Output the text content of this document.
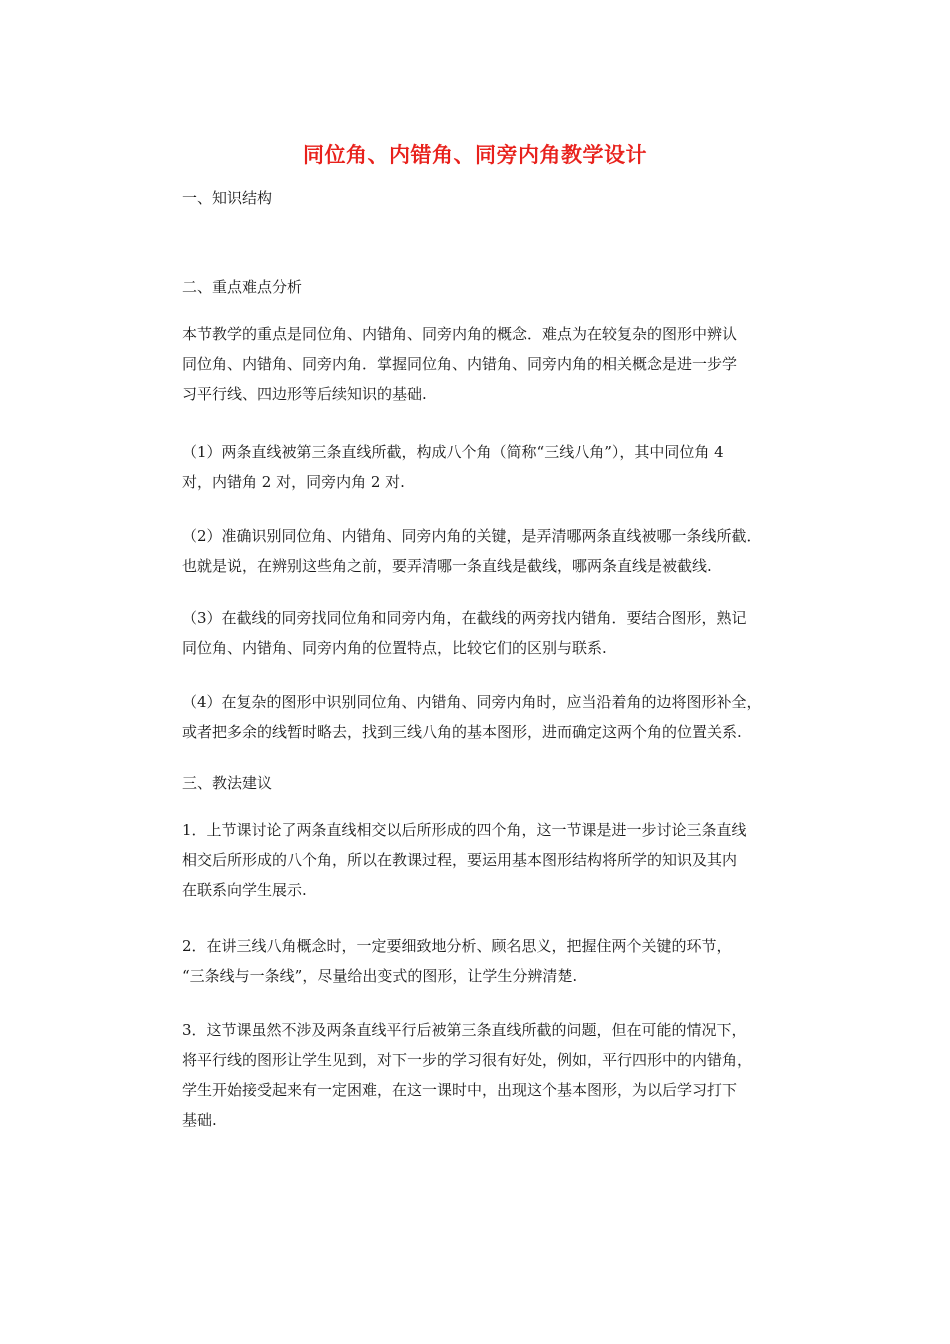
同位角、内错角、同旁内角教学设计
一、知识结构
二、重点难点分析
本节教学的重点是同位角、内错角、同旁内角的概念．难点为在较复杂的图形中辨认
同位角、内错角、同旁内角．掌握同位角、内错角、同旁内角的相关概念是进一步学
习平行线、四边形等后续知识的基础.
（1）两条直线被第三条直线所截，构成八个角（简称“三线八角”），其中同位角 4
对，内错角 2 对，同旁内角 2 对.
（2）准确识别同位角、内错角、同旁内角的关键，是弄清哪两条直线被哪一条线所截．
也就是说，在辨别这些角之前，要弄清哪一条直线是截线，哪两条直线是被截线.
（3）在截线的同旁找同位角和同旁内角，在截线的两旁找内错角．要结合图形，熟记
同位角、内错角、同旁内角的位置特点，比较它们的区别与联系.
（4）在复杂的图形中识别同位角、内错角、同旁内角时，应当沿着角的边将图形补全，
或者把多余的线暂时略去，找到三线八角的基本图形，进而确定这两个角的位置关系.
三、教法建议
1．上节课讨论了两条直线相交以后所形成的四个角，这一节课是进一步讨论三条直线
相交后所形成的八个角，所以在教课过程，要运用基本图形结构将所学的知识及其内
在联系向学生展示.
2．在讲三线八角概念时，一定要细致地分析、顾名思义，把握住两个关键的环节，
“三条线与一条线”，尽量给出变式的图形，让学生分辨清楚.
3．这节课虽然不涉及两条直线平行后被第三条直线所截的问题，但在可能的情况下，
将平行线的图形让学生见到，对下一步的学习很有好处，例如，平行四形中的内错角，
学生开始接受起来有一定困难，在这一课时中，出现这个基本图形，为以后学习打下
基础.
